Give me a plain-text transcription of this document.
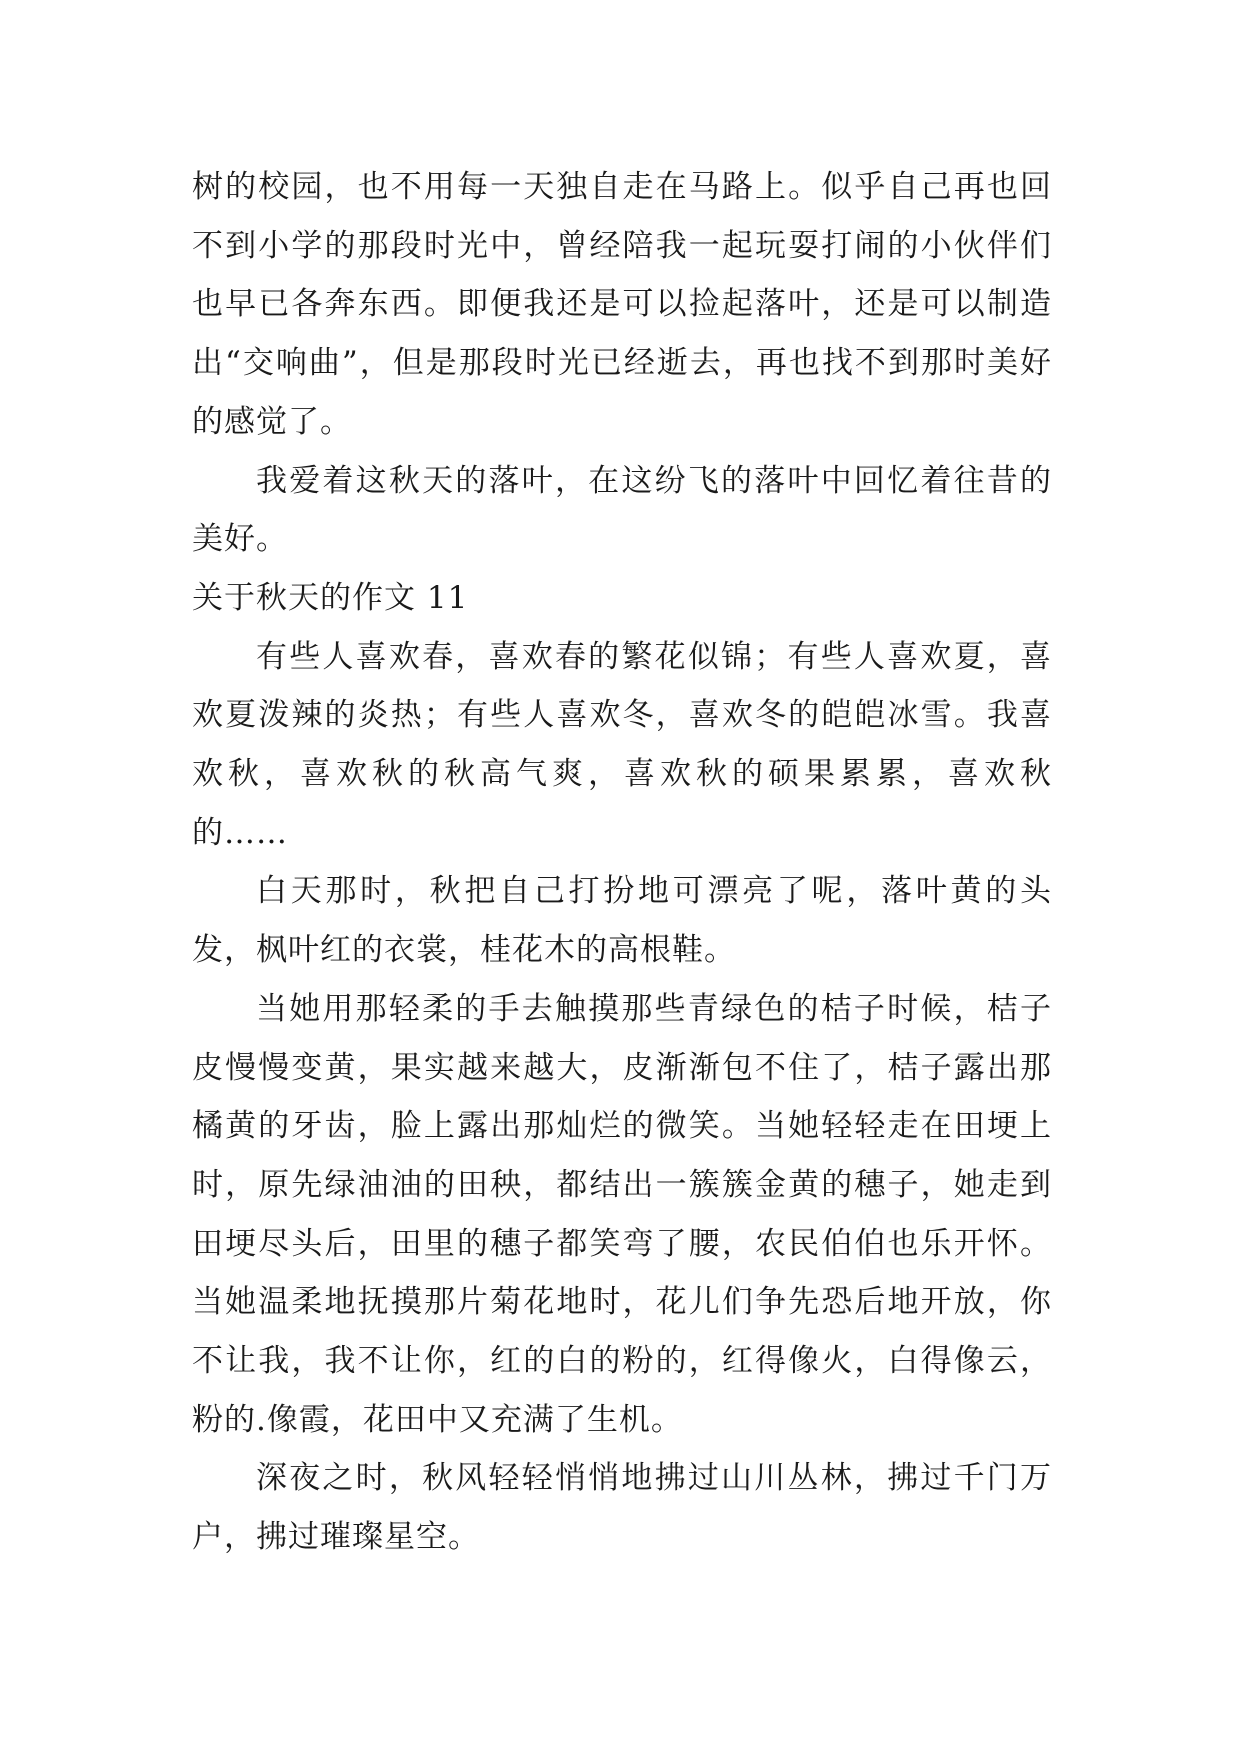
树的校园，也不用每一天独自走在马路上。似乎自己再也回不到小学的那段时光中，曾经陪我一起玩耍打闹的小伙伴们也早已各奔东西。即便我还是可以捡起落叶，还是可以制造出“交响曲”，但是那段时光已经逝去，再也找不到那时美好的感觉了。

我爱着这秋天的落叶，在这纷飞的落叶中回忆着往昔的美好。

关于秋天的作文 11

有些人喜欢春，喜欢春的繁花似锦；有些人喜欢夏，喜欢夏泼辣的炎热；有些人喜欢冬，喜欢冬的皑皑冰雪。我喜欢秋，喜欢秋的秋高气爽，喜欢秋的硕果累累，喜欢秋的……

白天那时，秋把自己打扮地可漂亮了呢，落叶黄的头发，枫叶红的衣裳，桂花木的高根鞋。

当她用那轻柔的手去触摸那些青绿色的桔子时候，桔子皮慢慢变黄，果实越来越大，皮渐渐包不住了，桔子露出那橘黄的牙齿，脸上露出那灿烂的微笑。当她轻轻走在田埂上时，原先绿油油的田秧，都结出一簇簇金黄的穗子，她走到田埂尽头后，田里的穗子都笑弯了腰，农民伯伯也乐开怀。当她温柔地抚摸那片菊花地时，花儿们争先恐后地开放，你不让我，我不让你，红的白的粉的，红得像火，白得像云，粉的.像霞，花田中又充满了生机。

深夜之时，秋风轻轻悄悄地拂过山川丛林，拂过千门万户，拂过璀璨星空。
